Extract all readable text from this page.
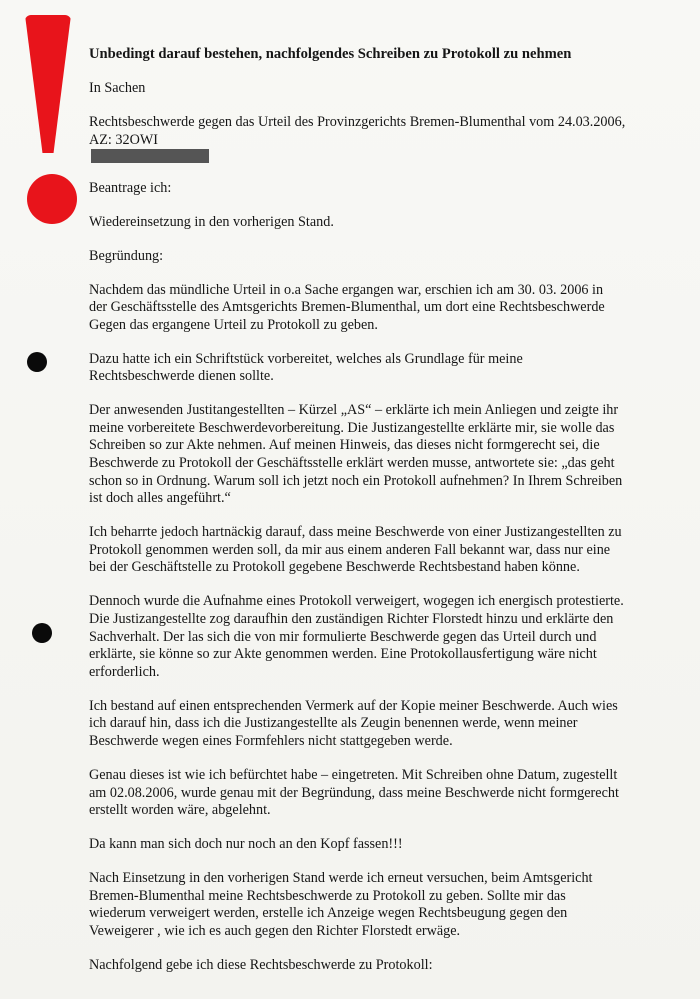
Unbedingt darauf bestehen, nachfolgendes Schreiben zu Protokoll zu nehmen

In Sachen

Rechtsbeschwerde gegen das Urteil des Provinzgerichts Bremen-Blumenthal vom 24.03.2006,
AZ: 32OWI

Beantrage ich:

Wiedereinsetzung in den vorherigen Stand.

Begründung:

Nachdem das mündliche Urteil in o.a Sache ergangen war, erschien ich am 30. 03. 2006 in
der Geschäftsstelle des Amtsgerichts Bremen-Blumenthal, um dort eine Rechtsbeschwerde
Gegen das ergangene Urteil zu Protokoll zu geben.

Dazu hatte ich ein Schriftstück vorbereitet, welches als Grundlage für meine
Rechtsbeschwerde dienen sollte.

Der anwesenden Justitangestellten – Kürzel „AS“ – erklärte ich mein Anliegen und zeigte ihr
meine vorbereitete Beschwerdevorbereitung. Die Justizangestellte erklärte mir, sie wolle das
Schreiben so zur Akte nehmen. Auf meinen Hinweis, das dieses nicht formgerecht sei, die
Beschwerde zu Protokoll der Geschäftsstelle erklärt werden musse, antwortete sie: „das geht
schon so in Ordnung. Warum soll ich jetzt noch ein Protokoll aufnehmen? In Ihrem Schreiben
ist doch alles angeführt.“

Ich beharrte jedoch hartnäckig darauf, dass meine Beschwerde von einer Justizangestellten zu
Protokoll genommen werden soll, da mir aus einem anderen Fall bekannt war, dass nur eine
bei der Geschäftstelle zu Protokoll gegebene Beschwerde Rechtsbestand haben könne.

Dennoch wurde die Aufnahme eines Protokoll verweigert, wogegen ich energisch protestierte.
Die Justizangestellte zog daraufhin den zuständigen Richter Florstedt hinzu und erklärte den
Sachverhalt. Der las sich die von mir formulierte Beschwerde gegen das Urteil durch und
erklärte, sie könne so zur Akte genommen werden. Eine Protokollausfertigung wäre nicht
erforderlich.

Ich bestand auf einen entsprechenden Vermerk auf der Kopie meiner Beschwerde. Auch wies
ich darauf hin, dass ich die Justizangestellte als Zeugin benennen werde, wenn meiner
Beschwerde wegen eines Formfehlers nicht stattgegeben werde.

Genau dieses ist wie ich befürchtet habe – eingetreten. Mit Schreiben ohne Datum, zugestellt
am 02.08.2006, wurde genau mit der Begründung, dass meine Beschwerde nicht formgerecht
erstellt worden wäre, abgelehnt.

Da kann man sich doch nur noch an den Kopf fassen!!!

Nach Einsetzung in den vorherigen Stand werde ich erneut versuchen, beim Amtsgericht
Bremen-Blumenthal meine Rechtsbeschwerde zu Protokoll zu geben. Sollte mir das
wiederum verweigert werden, erstelle ich Anzeige wegen Rechtsbeugung gegen den
Veweigerer , wie ich es auch gegen den Richter Florstedt erwäge.

Nachfolgend gebe ich diese Rechtsbeschwerde zu Protokoll:
